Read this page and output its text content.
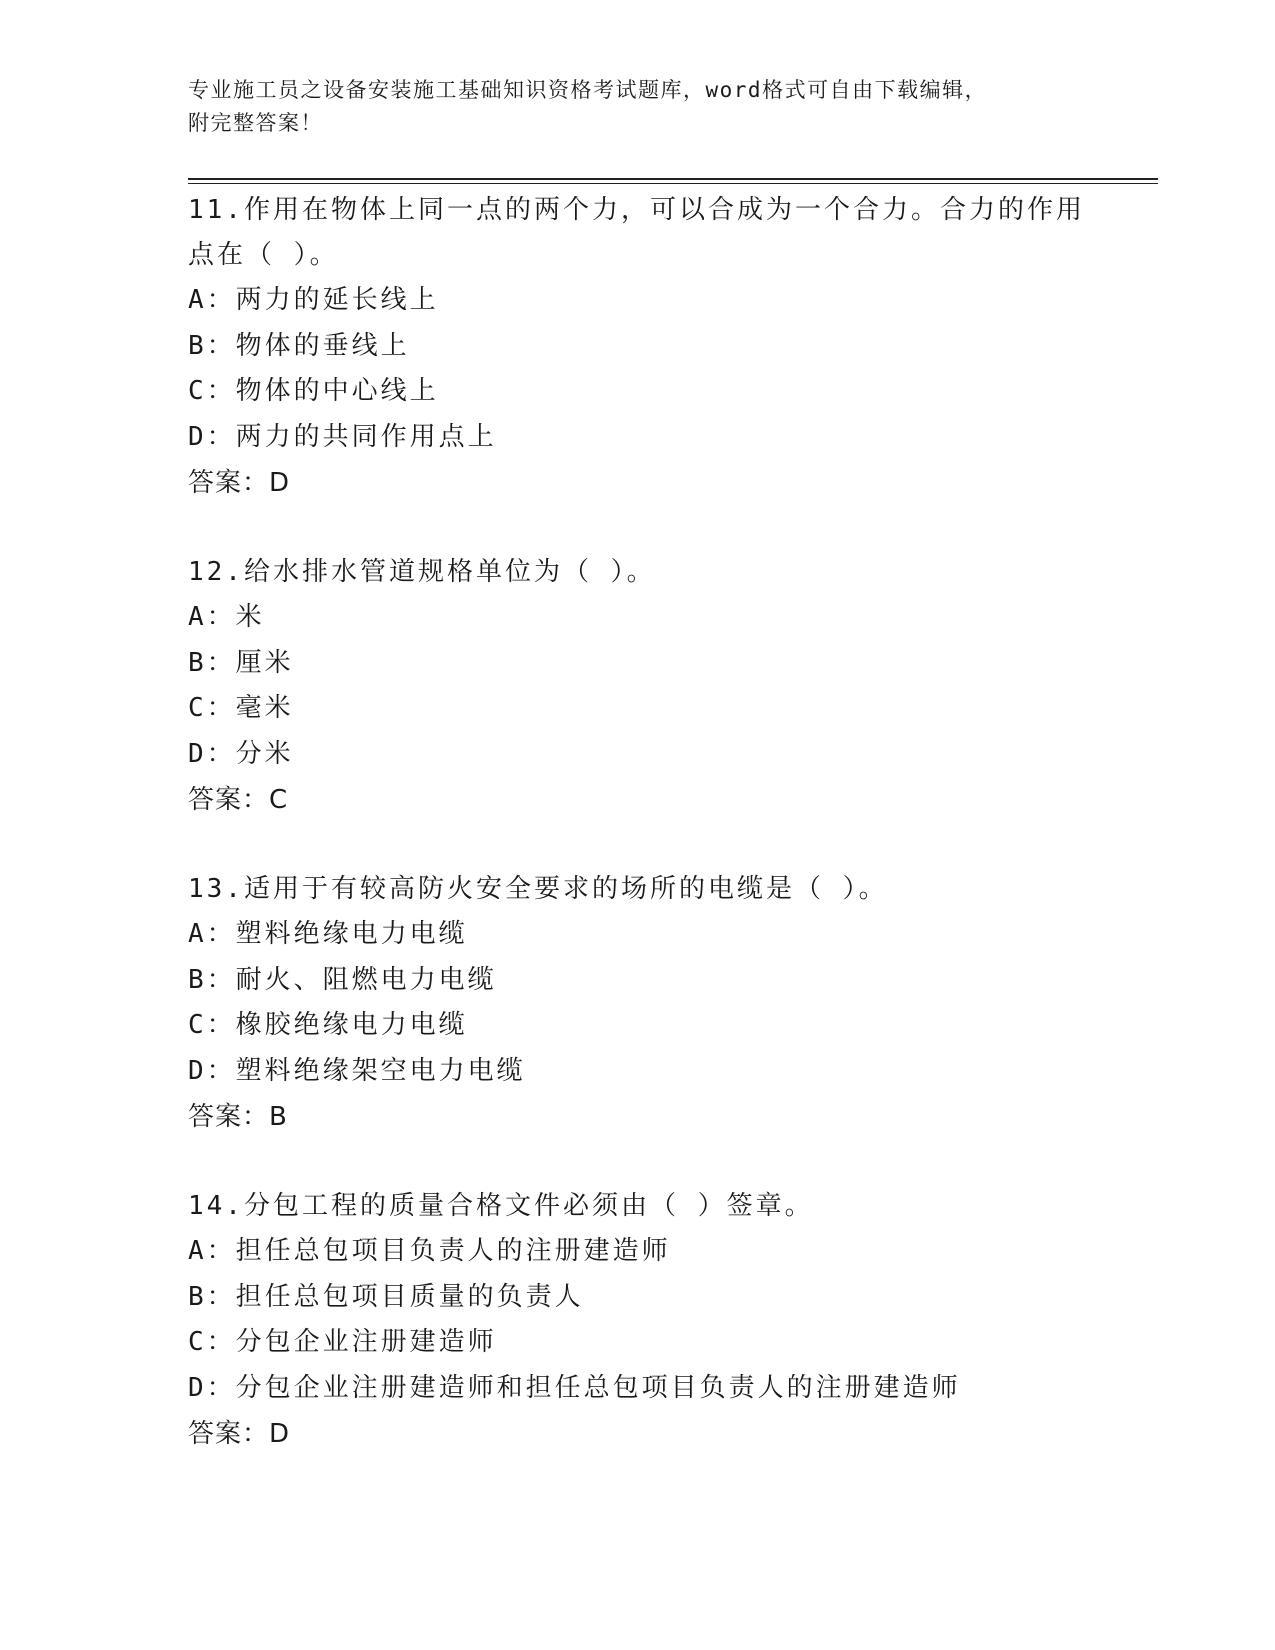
专业施工员之设备安装施工基础知识资格考试题库，word格式可自由下载编辑，
附完整答案！
11.作用在物体上同一点的两个力，可以合成为一个合力。合力的作用
点在（ ）。
A：两力的延长线上
B：物体的垂线上
C：物体的中心线上
D：两力的共同作用点上
答案：D
12.给水排水管道规格单位为（ ）。
A：米
B：厘米
C：毫米
D：分米
答案：C
13.适用于有较高防火安全要求的场所的电缆是（ ）。
A：塑料绝缘电力电缆
B：耐火、阻燃电力电缆
C：橡胶绝缘电力电缆
D：塑料绝缘架空电力电缆
答案：B
14.分包工程的质量合格文件必须由（ ）签章。
A：担任总包项目负责人的注册建造师
B：担任总包项目质量的负责人
C：分包企业注册建造师
D：分包企业注册建造师和担任总包项目负责人的注册建造师
答案：D
